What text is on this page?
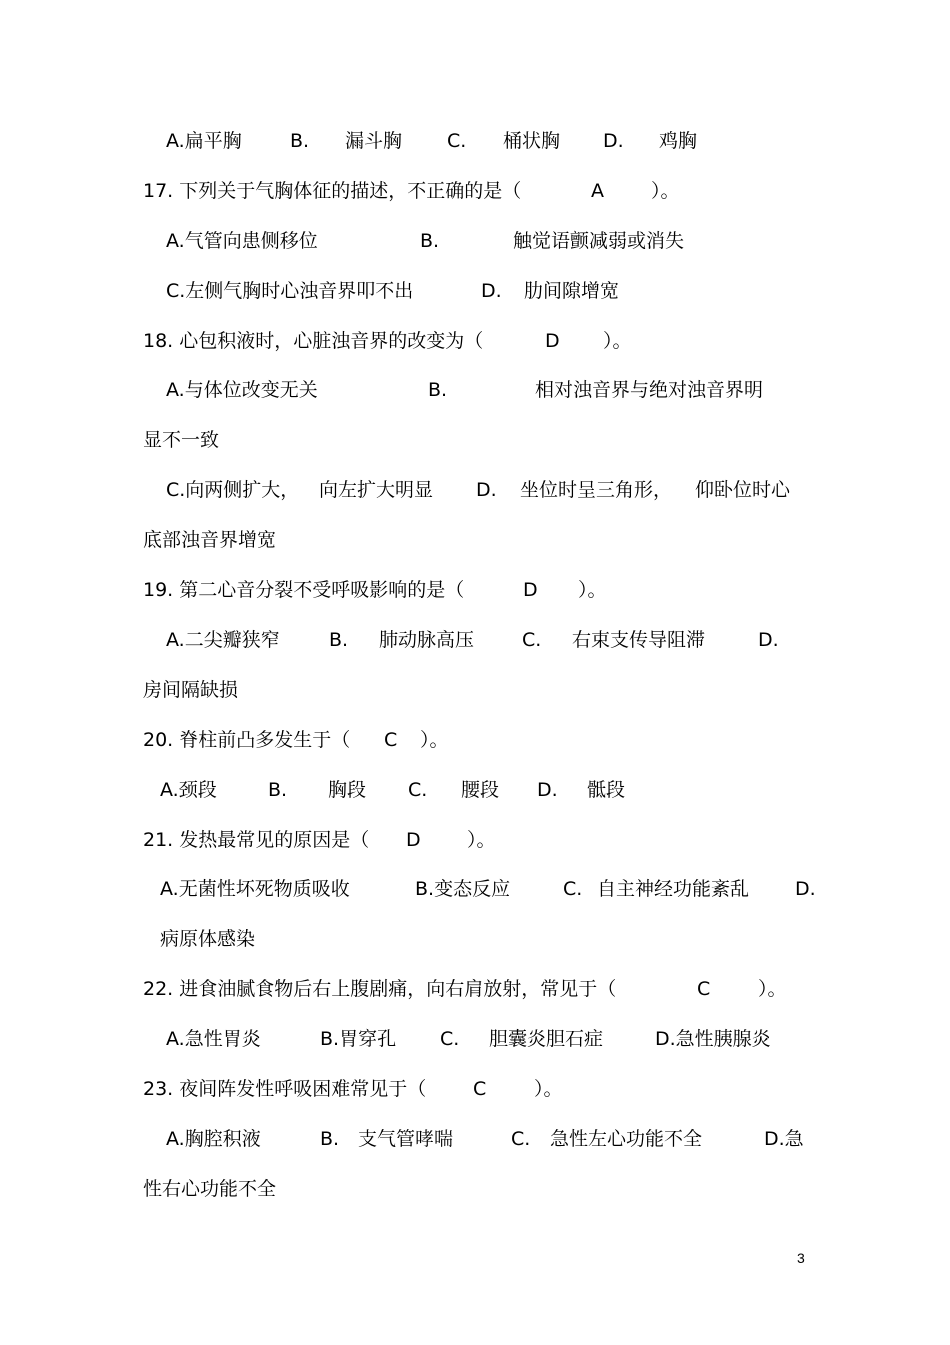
A.扁平胸	B. 漏斗胸 C. 桶状胸 D. 鸡胸
17. 下列关于气胸体征的描述，不正确的是（	A ）。
A.气管向患侧移位	B.	触觉语颤减弱或消失
C.左侧气胸时心浊音界叩不出	D. 肋间隙增宽
18. 心包积液时，心脏浊音界的改变为（	D ）。
A.与体位改变无关	B.	相对浊音界与绝对浊音界明
显不一致
C.向两侧扩大， 向左扩大明显 D. 坐位时呈三角形， 仰卧位时心
底部浊音界增宽
19. 第二心音分裂不受呼吸影响的是（	D ）。
A.二尖瓣狭窄	B. 肺动脉高压	C. 右束支传导阻滞	D.
房间隔缺损
20. 脊柱前凸多发生于（ C ）。
A.颈段	B. 胸段 C. 腰段 D. 骶段
21. 发热最常见的原因是（ D ）。
A.无菌性坏死物质吸收	B.变态反应	C. 自主神经功能紊乱 D.
病原体感染
22. 进食油腻食物后右上腹剧痛，向右肩放射，常见于（	C	）。
A.急性胃炎	B.胃穿孔 C. 胆囊炎胆石症	D.急性胰腺炎
23. 夜间阵发性呼吸困难常见于（ C	）。
A.胸腔积液	B. 支气管哮喘	C. 急性左心功能不全	D.急
性右心功能不全
3
